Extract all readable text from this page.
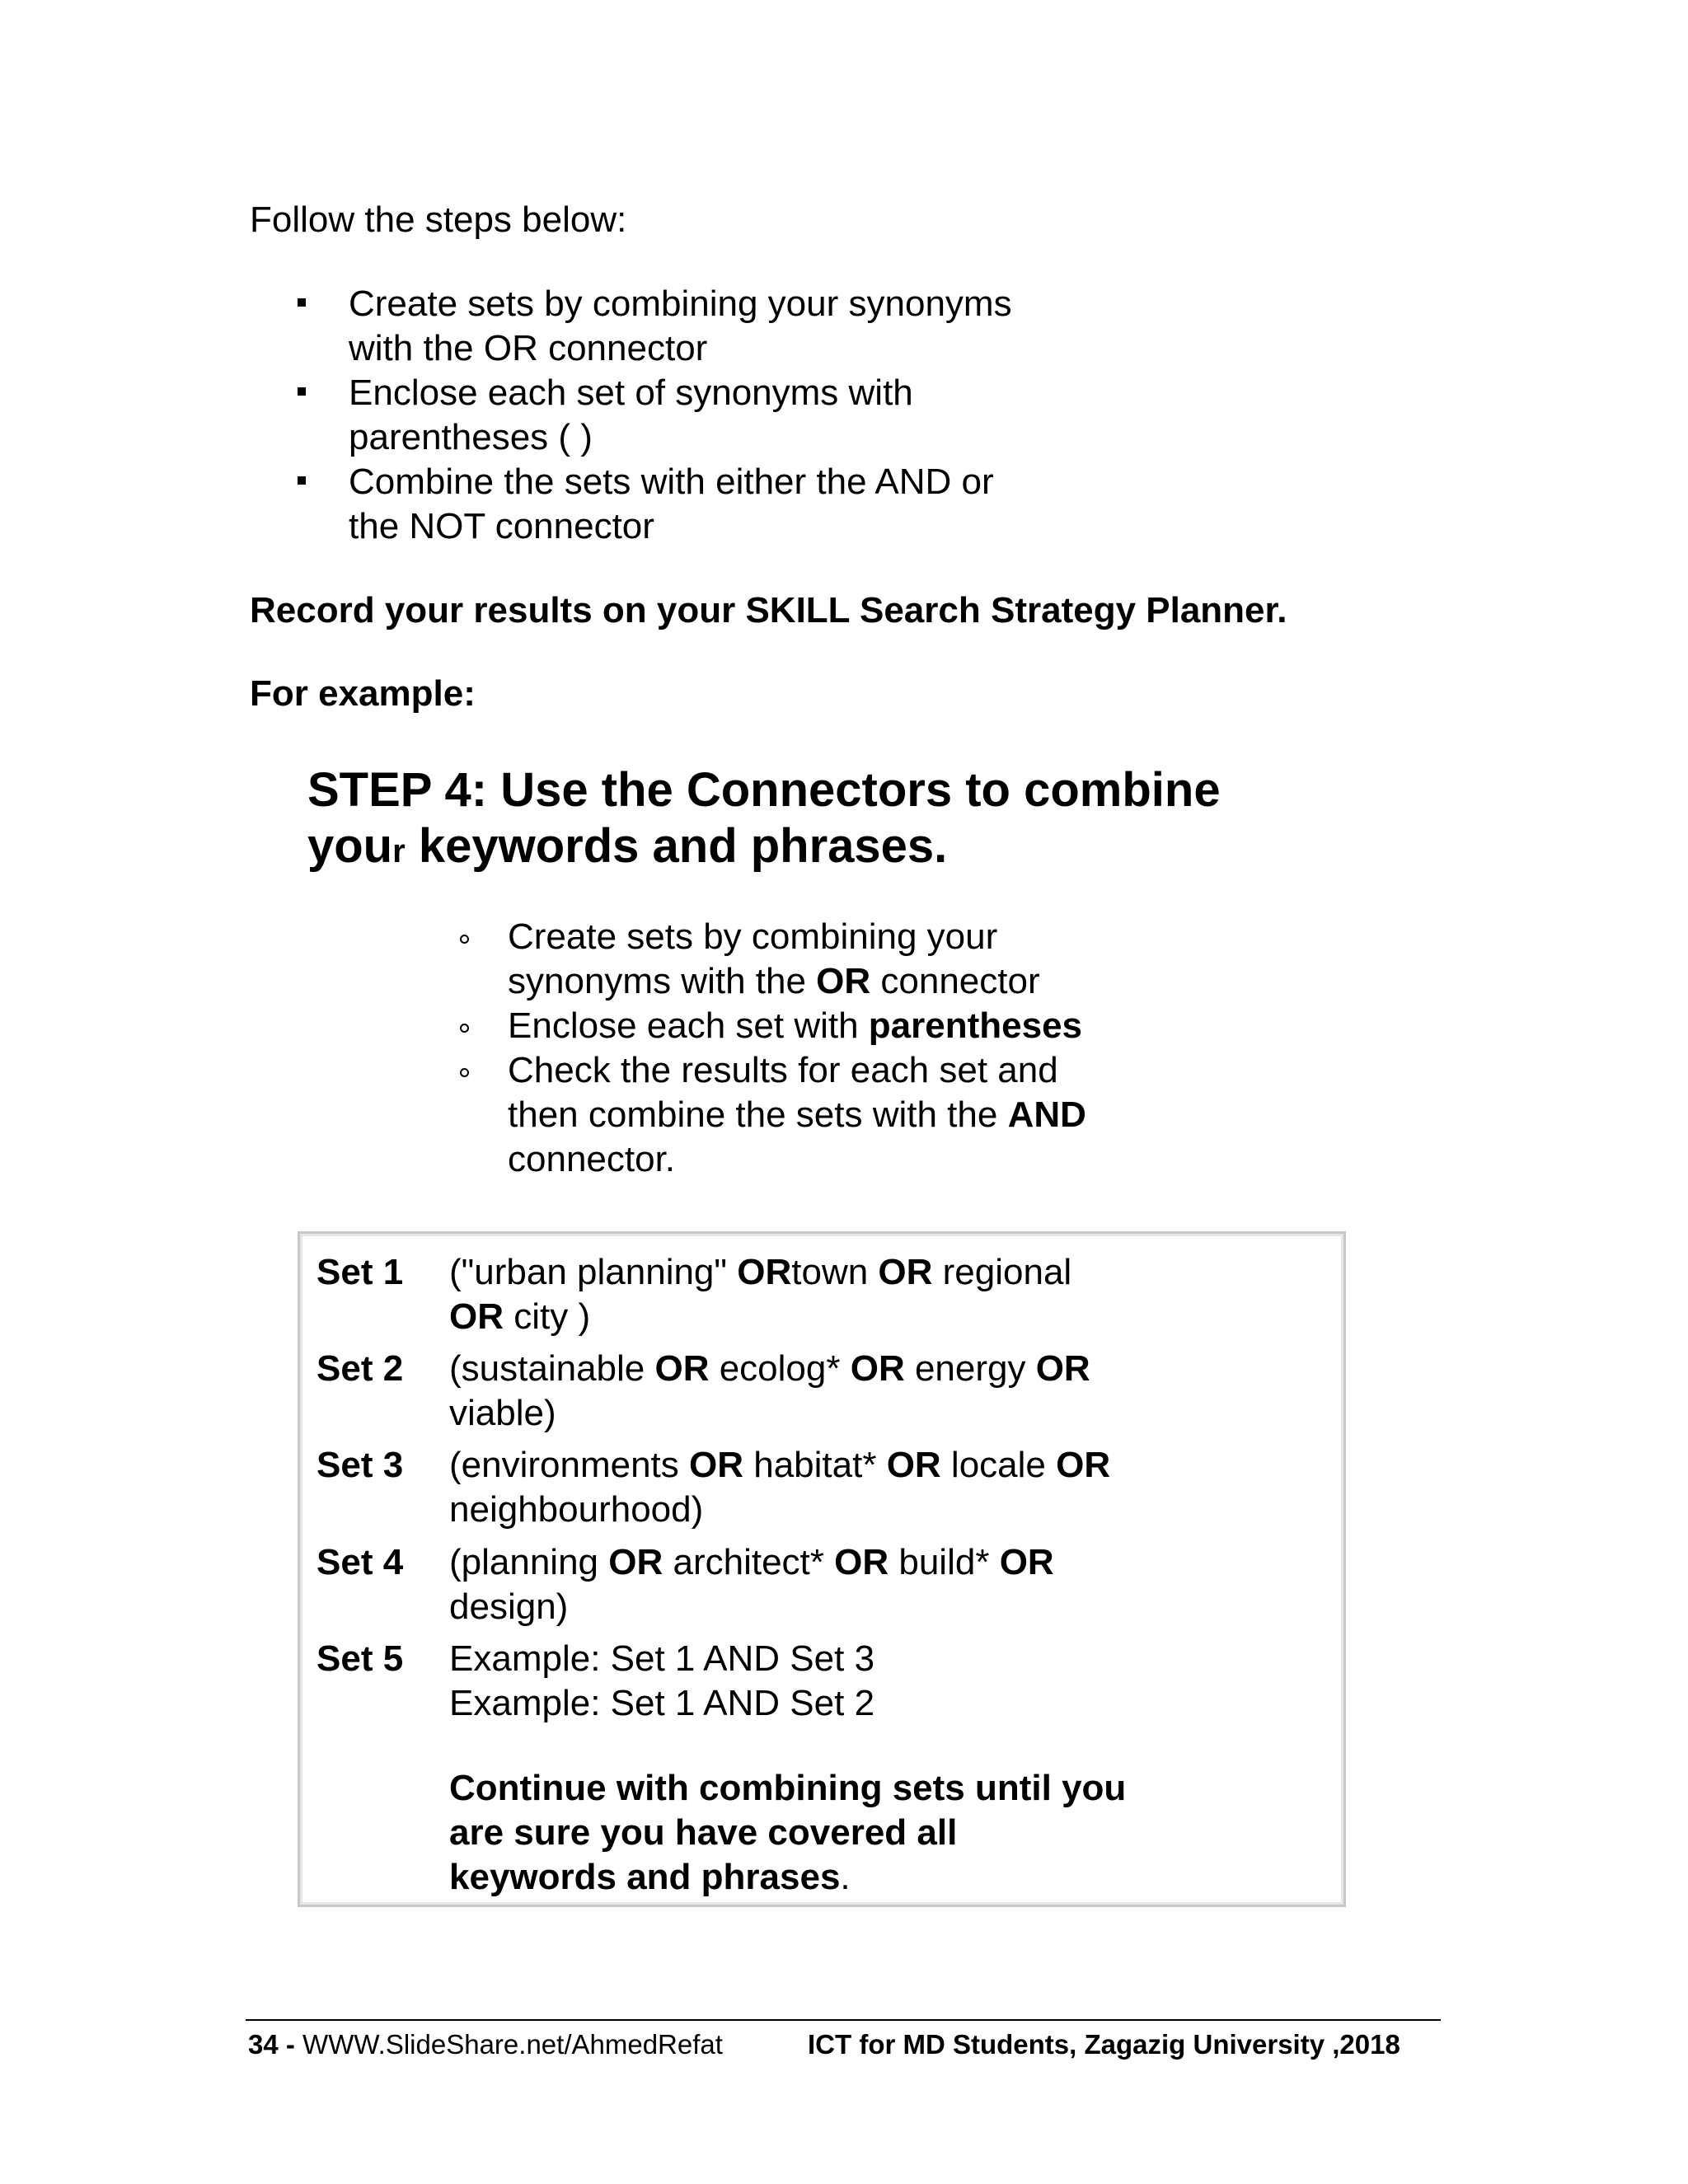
Follow the steps below:
Create sets by combining your synonyms
with the OR connector
Enclose each set of synonyms with
parentheses ( )
Combine the sets with either the AND or
the NOT connector
Record your results on your SKILL Search Strategy Planner.
For example:
STEP 4: Use the Connectors to combine
your keywords and phrases.
Create sets by combining your
synonyms with the OR connector
Enclose each set with parentheses
Check the results for each set and
then combine the sets with the AND
connector.
Set 1 ("urban planning" ORtown OR regional
OR city )
Set 2 (sustainable OR ecolog* OR energy OR
viable)
Set 3 (environments OR habitat* OR locale OR
neighbourhood)
Set 4 (planning OR architect* OR build* OR
design)
Set 5 Example: Set 1 AND Set 3
Example: Set 1 AND Set 2
Continue with combining sets until you
are sure you have covered all
keywords and phrases.
34 - WWW.SlideShare.net/AhmedRefat	ICT for MD Students, Zagazig University ,2018
